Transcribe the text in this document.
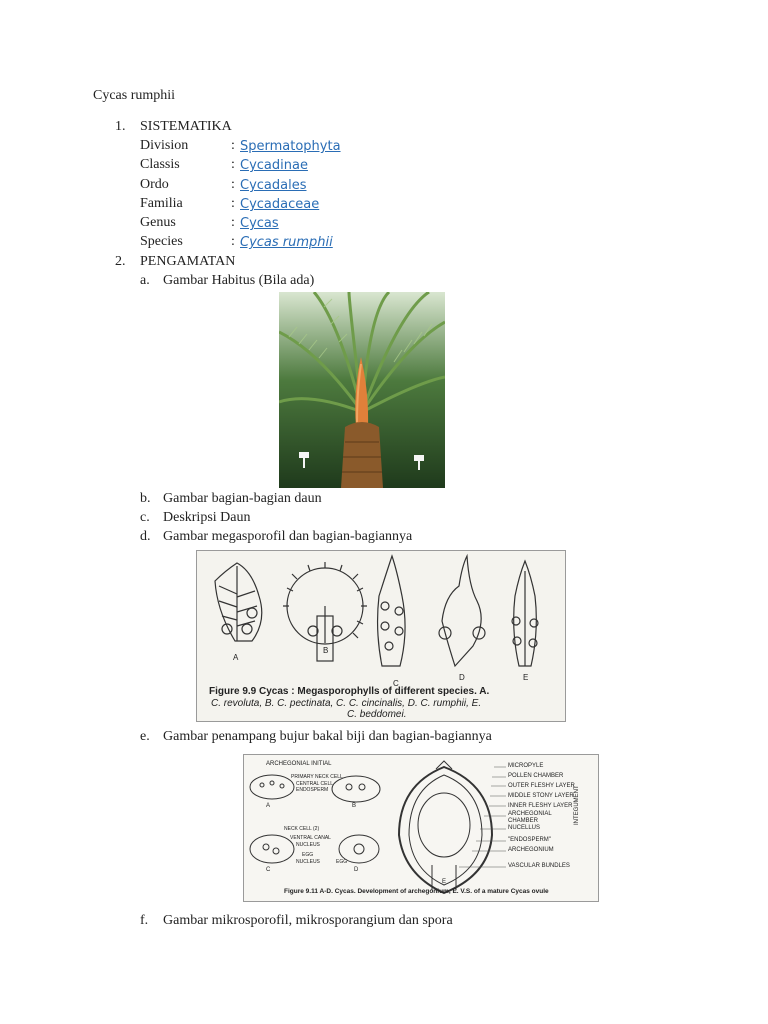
Cycas rumphii
1. SISTEMATIKA
Division	: Spermatophyta
Classis	: Cycadinae
Ordo	: Cycadales
Familia	: Cycadaceae
Genus	: Cycas
Species	: Cycas rumphii
2. PENGAMATAN
a. Gambar Habitus (Bila ada)
b. Gambar bagian-bagian daun
c. Deskripsi Daun
d. Gambar megasporofil dan bagian-bagiannya
A
B
C
D	E
Figure 9.9 Cycas : Megasporophylls of different species. A.
C. revoluta, B. C. pectinata, C. C. cincinalis, D. C. rumphii, E.
C. beddomei.
e. Gambar penampang bujur bakal biji dan bagian-bagiannya
ARCHEGONIAL INITIAL
PRIMARY NECK CELL
CENTRAL CELL
ENDOSPERM
NECK CELL (2)
VENTRAL CANAL
NUCLEUS
EGG
NUCLEUS	EGG
A	B
C	D
E
MICROPYLE
POLLEN CHAMBER
OUTER FLESHY LAYER
MIDDLE STONY LAYER
INNER FLESHY LAYER
ARCHEGONIAL
CHAMBER
NUCELLUS
"ENDOSPERM"
ARCHEGONIUM
VASCULAR BUNDLES
INTEGUMENT
Figure 9.11 A-D. Cycas. Development of archegonium, E. V.S. of a mature Cycas ovule
f. Gambar mikrosporofil, mikrosporangium dan spora
